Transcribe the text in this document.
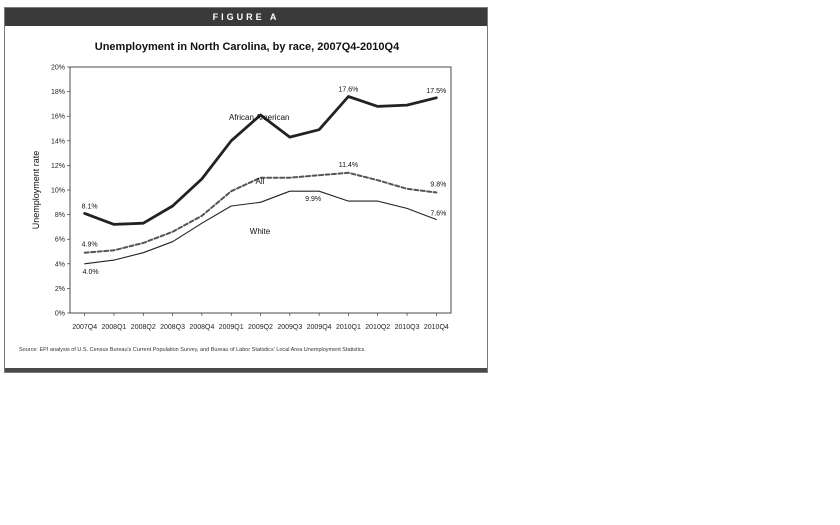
FIGURE A
Unemployment in North Carolina, by race, 2007Q4-2010Q4
0%
2%
4%
6%
8%
10%
12%
14%
16%
18%
20%
2007Q4 2008Q1 2008Q2 2008Q3 2008Q4 2009Q1 2009Q2 2009Q3 2009Q4 2010Q1 2010Q2 2010Q3 2010Q4
Unemployment rate
African American
All
White
8.1%
17.6%	17.5%
4.9%
11.4%
9.8%
4.0%
9.9%
7.6%
Source: EPI analysis of U.S. Census Bureau's Current Population Survey, and Bureau of Labor Statistics' Local Area Unemployment Statistics.
